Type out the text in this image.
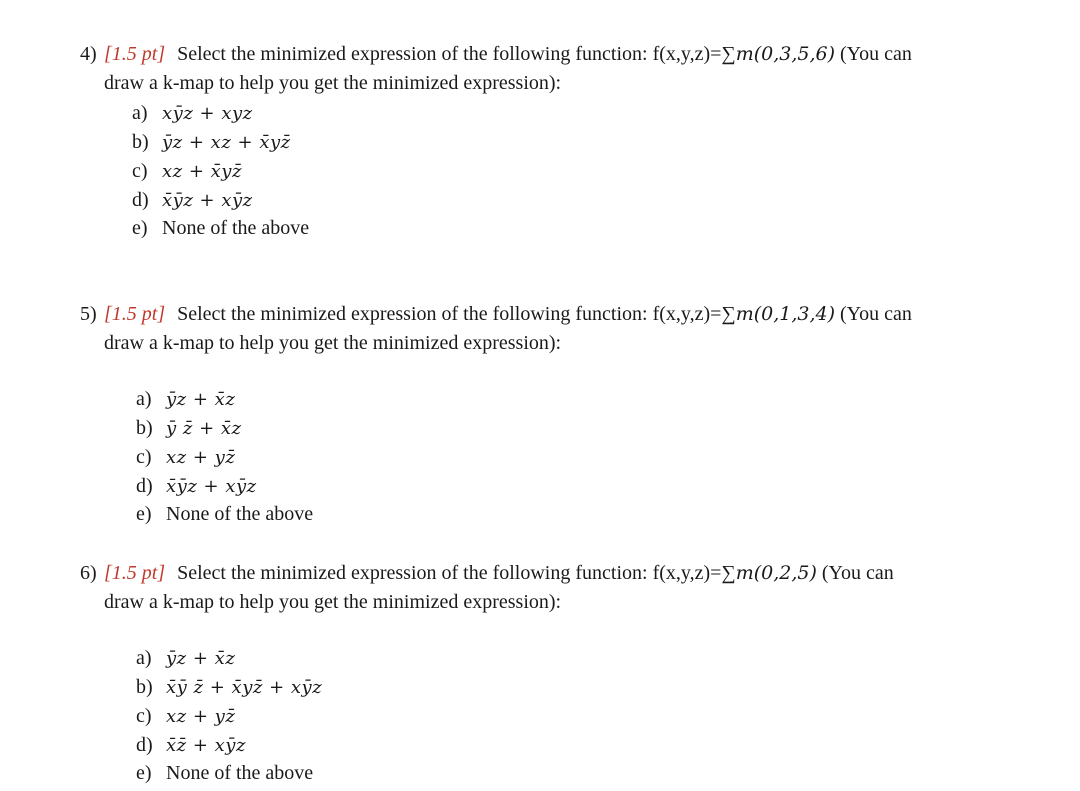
4) [1.5 pt] Select the minimized expression of the following function: f(x,y,z)=∑m(0,3,5,6) (You can
draw a k-map to help you get the minimized expression):
a) xȳz + xyz
b) ȳz + xz + x̄yz̄
c) xz + x̄yz̄
d) x̄ȳz + xȳz
e) None of the above
5) [1.5 pt] Select the minimized expression of the following function: f(x,y,z)=∑m(0,1,3,4) (You can
draw a k-map to help you get the minimized expression):
a) ȳz + x̄z
b) ȳ z̄ + x̄z
c) xz + yz̄
d) x̄ȳz + xȳz
e) None of the above
6) [1.5 pt] Select the minimized expression of the following function: f(x,y,z)=∑m(0,2,5) (You can
draw a k-map to help you get the minimized expression):
a) ȳz + x̄z
b) x̄ȳ z̄ + x̄yz̄ + xȳz
c) xz + yz̄
d) x̄z̄ + xȳz
e) None of the above
